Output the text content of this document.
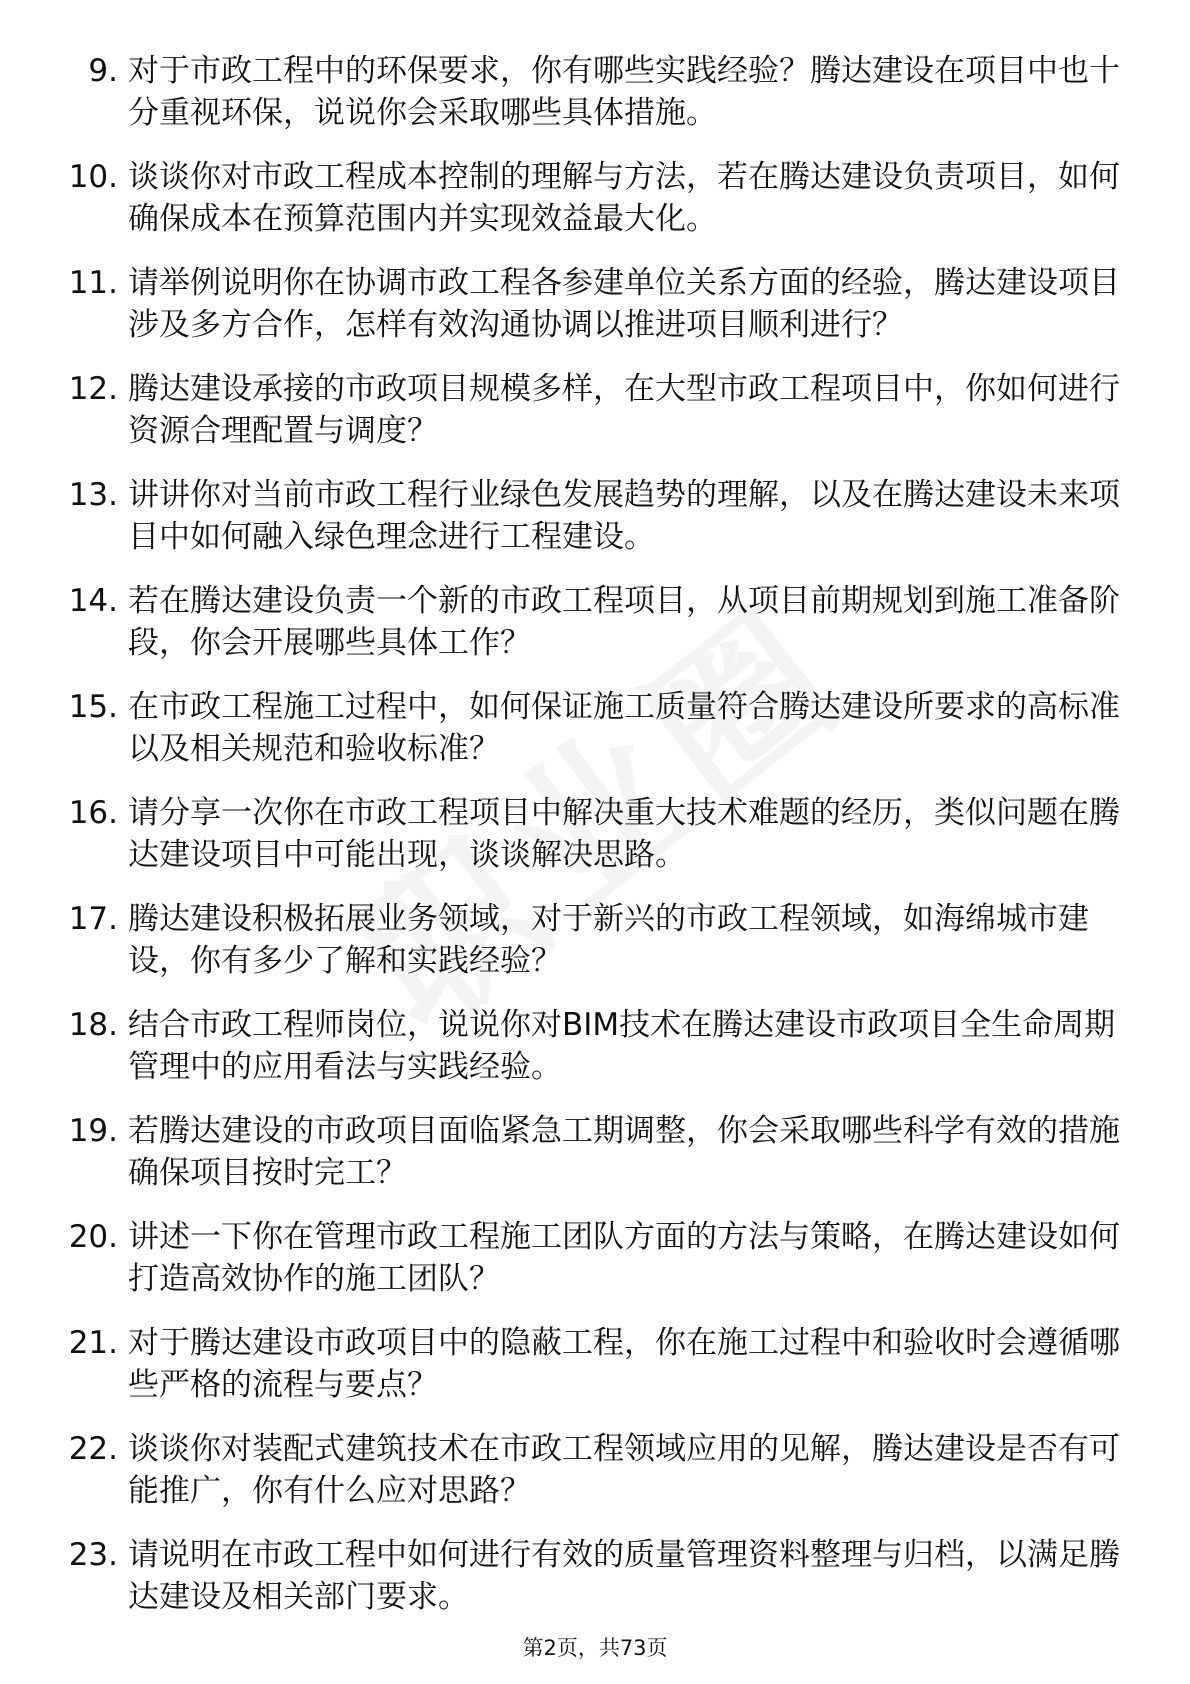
9. 对于市政工程中的环保要求，你有哪些实践经验？腾达建设在项目中也十分重视环保，说说你会采取哪些具体措施。
10. 谈谈你对市政工程成本控制的理解与方法，若在腾达建设负责项目，如何确保成本在预算范围内并实现效益最大化。
11. 请举例说明你在协调市政工程各参建单位关系方面的经验，腾达建设项目涉及多方合作，怎样有效沟通协调以推进项目顺利进行？
12. 腾达建设承接的市政项目规模多样，在大型市政工程项目中，你如何进行资源合理配置与调度？
13. 讲讲你对当前市政工程行业绿色发展趋势的理解，以及在腾达建设未来项目中如何融入绿色理念进行工程建设。
14. 若在腾达建设负责一个新的市政工程项目，从项目前期规划到施工准备阶段，你会开展哪些具体工作？
15. 在市政工程施工过程中，如何保证施工质量符合腾达建设所要求的高标准以及相关规范和验收标准？
16. 请分享一次你在市政工程项目中解决重大技术难题的经历，类似问题在腾达建设项目中可能出现，谈谈解决思路。
17. 腾达建设积极拓展业务领域，对于新兴的市政工程领域，如海绵城市建设，你有多少了解和实践经验？
18. 结合市政工程师岗位，说说你对BIM技术在腾达建设市政项目全生命周期管理中的应用看法与实践经验。
19. 若腾达建设的市政项目面临紧急工期调整，你会采取哪些科学有效的措施确保项目按时完工？
20. 讲述一下你在管理市政工程施工团队方面的方法与策略，在腾达建设如何打造高效协作的施工团队？
21. 对于腾达建设市政项目中的隐蔽工程，你在施工过程中和验收时会遵循哪些严格的流程与要点？
22. 谈谈你对装配式建筑技术在市政工程领域应用的见解，腾达建设是否有可能推广，你有什么应对思路？
23. 请说明在市政工程中如何进行有效的质量管理资料整理与归档，以满足腾达建设及相关部门要求。
第2页，共73页
